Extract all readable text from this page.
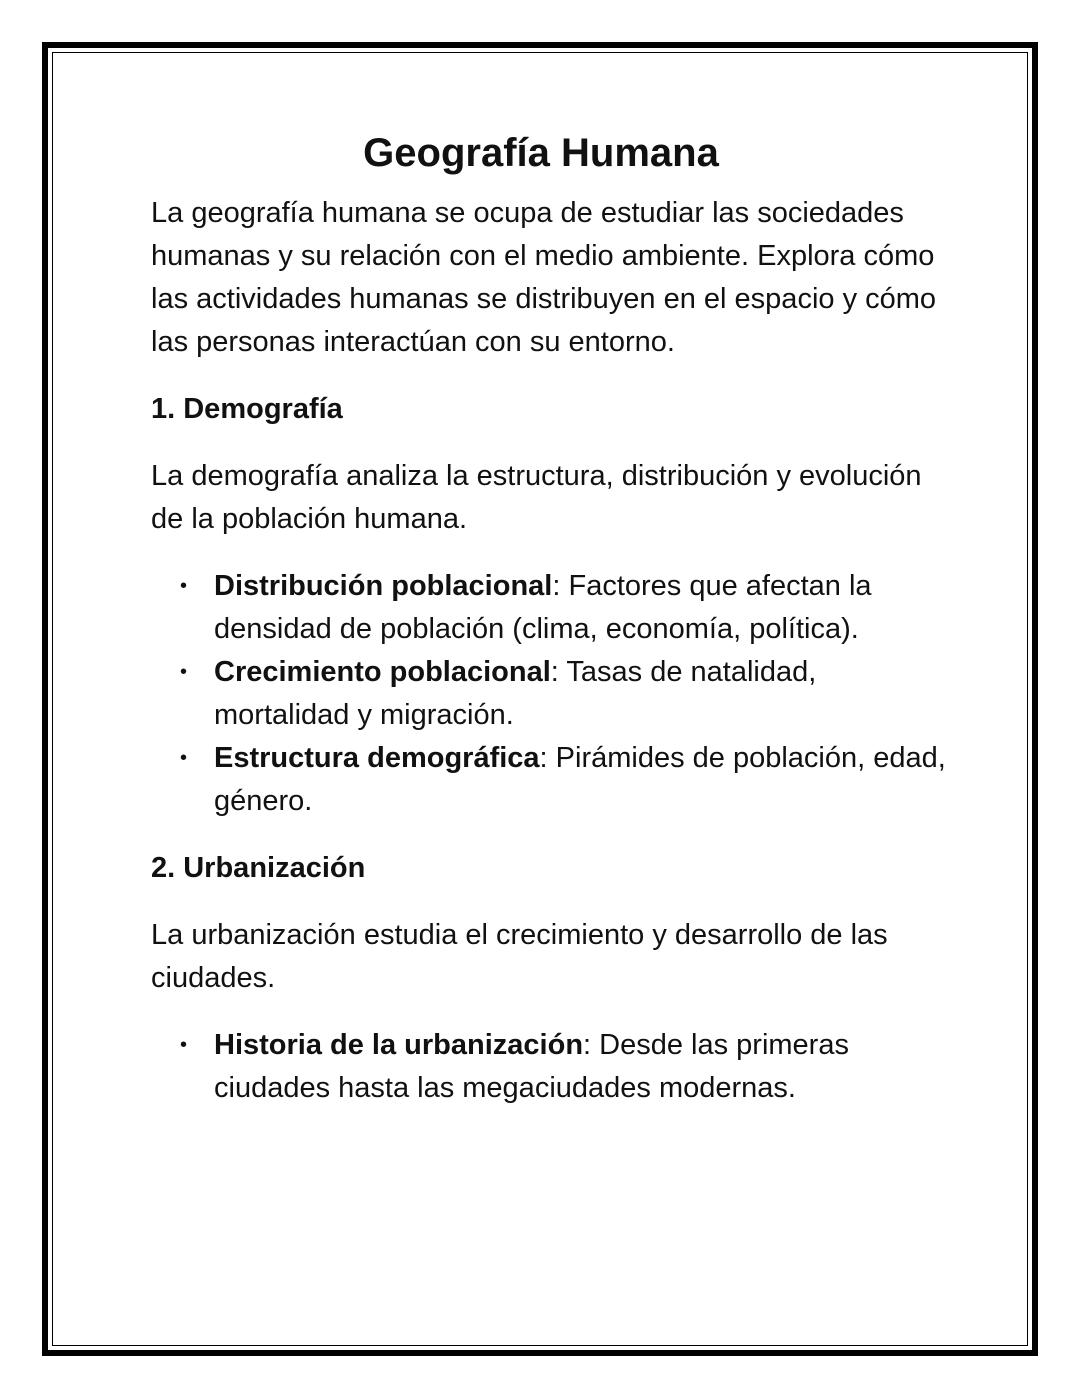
Geografía Humana

La geografía humana se ocupa de estudiar las sociedades humanas y su relación con el medio ambiente. Explora cómo las actividades humanas se distribuyen en el espacio y cómo las personas interactúan con su entorno.

1. Demografía

La demografía analiza la estructura, distribución y evolución de la población humana.

• Distribución poblacional: Factores que afectan la densidad de población (clima, economía, política).
• Crecimiento poblacional: Tasas de natalidad, mortalidad y migración.
• Estructura demográfica: Pirámides de población, edad, género.
2. Urbanización

La urbanización estudia el crecimiento y desarrollo de las ciudades.

• Historia de la urbanización: Desde las primeras ciudades hasta las megaciudades modernas.
